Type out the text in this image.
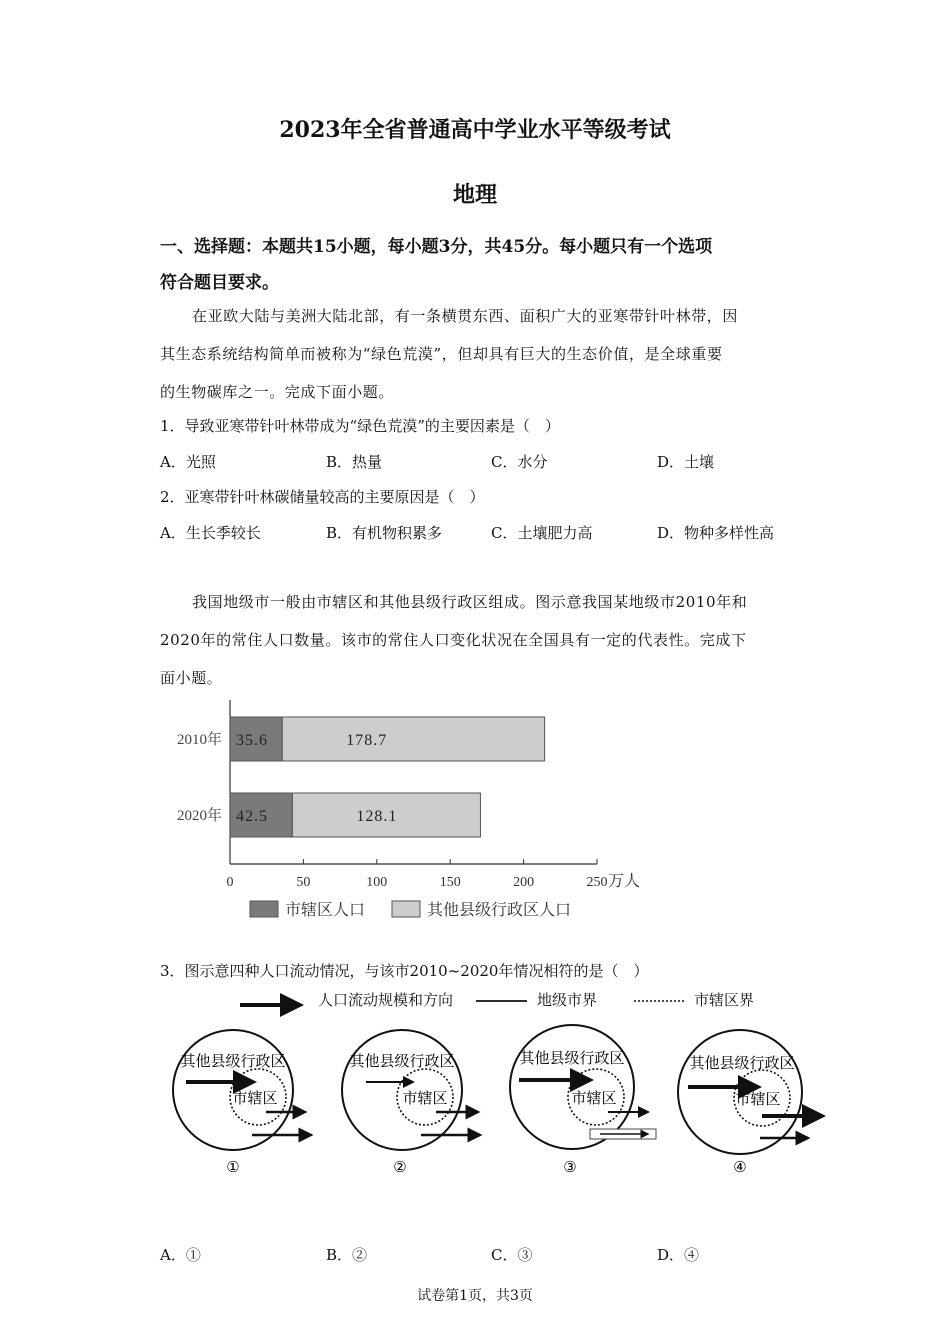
2023年全省普通高中学业水平等级考试
地理
一、选择题：本题共15小题，每小题3分，共45分。每小题只有一个选项
符合题目要求。
在亚欧大陆与美洲大陆北部，有一条横贯东西、面积广大的亚寒带针叶林带，因
其生态系统结构简单而被称为“绿色荒漠”，但却具有巨大的生态价值，是全球重要
的生物碳库之一。完成下面小题。
1．导致亚寒带针叶林带成为“绿色荒漠”的主要因素是（　）
A．光照	B．热量	C．水分	D．土壤
2．亚寒带针叶林碳储量较高的主要原因是（　）
A．生长季较长	B．有机物积累多	C．土壤肥力高	D．物种多样性高
我国地级市一般由市辖区和其他县级行政区组成。图示意我国某地级市2010年和
2020年的常住人口数量。该市的常住人口变化状况在全国具有一定的代表性。完成下
面小题。
0	50	100	150	200	250 万人
2010年 35.6	178.7
2020年 42.5	128.1
市辖区人口	其他县级行政区人口
3．图示意四种人口流动情况，与该市2010~2020年情况相符的是（　）
人口流动规模和方向	地级市界	市辖区界
其他县级行政区
市辖区
①
其他县级行政区
市辖区
②
其他县级行政区
市辖区
③
其他县级行政区
市辖区
④
A．①	B．②	C．③	D．④
试卷第1页，共3页
